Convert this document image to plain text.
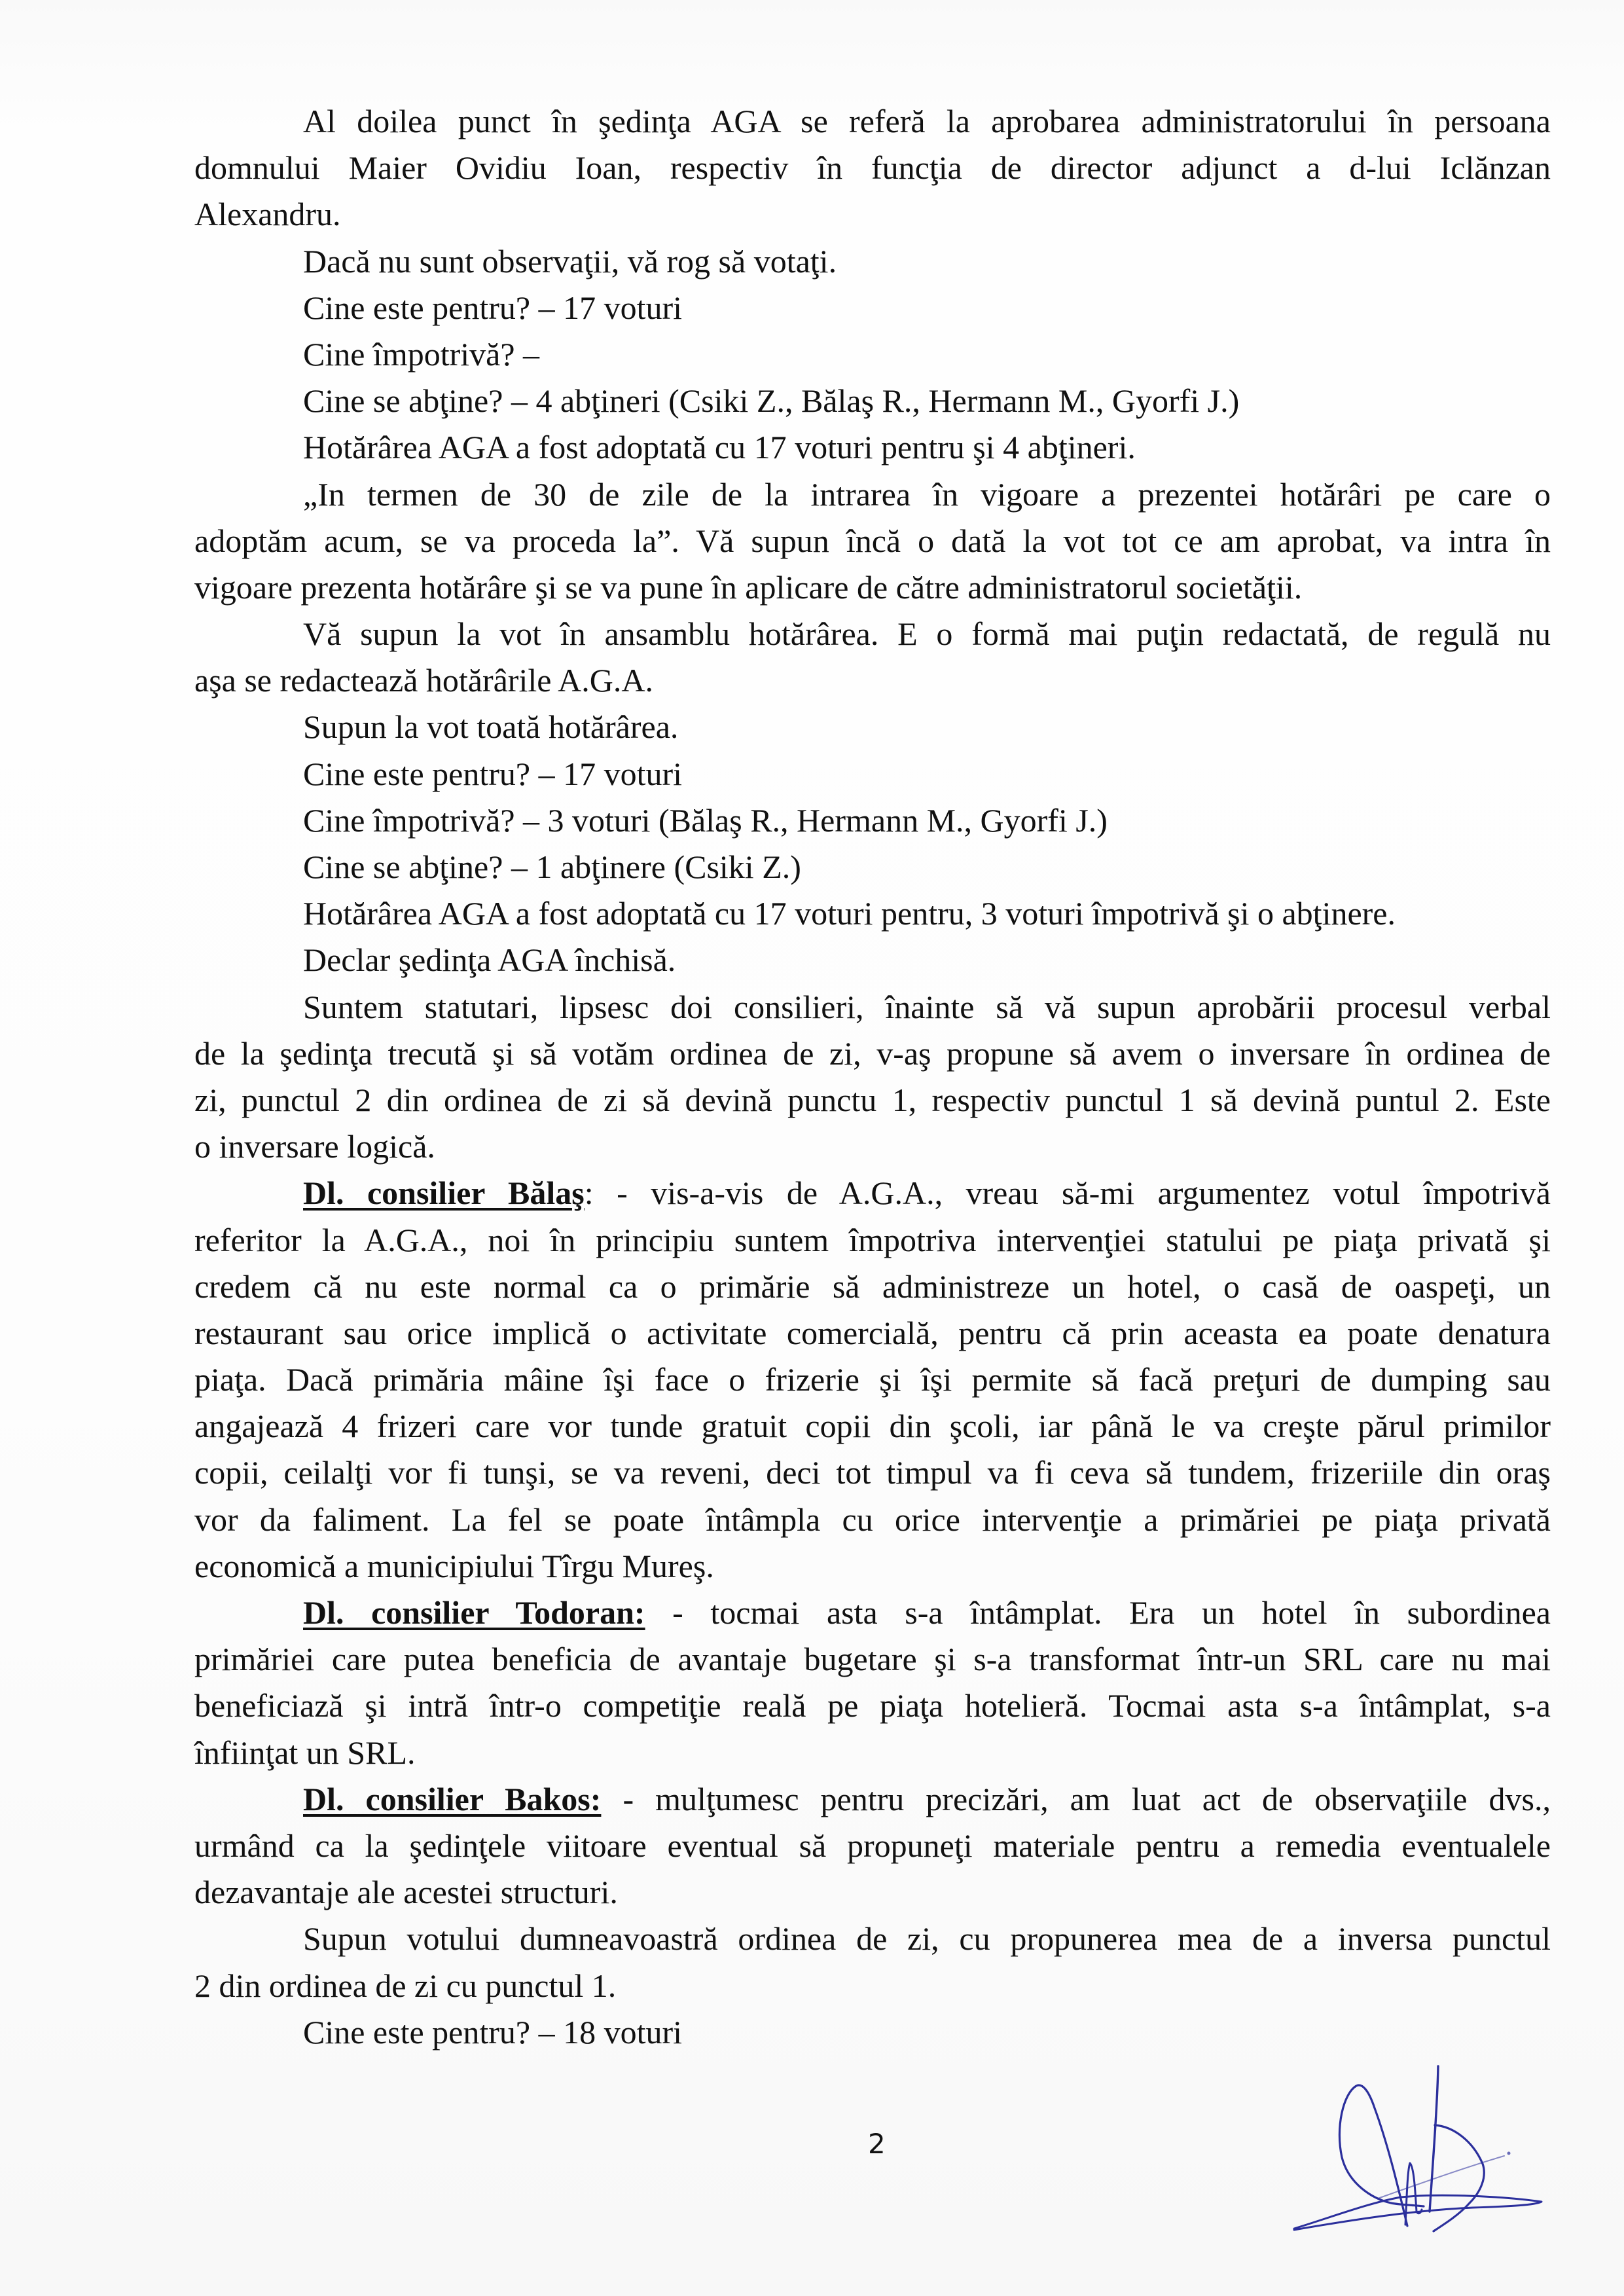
Al doilea punct în şedinţa AGA se referă la aprobarea administratorului în persoana
domnului Maier Ovidiu Ioan, respectiv în funcţia de director adjunct a d-lui Iclănzan
Alexandru.
Dacă nu sunt observaţii, vă rog să votaţi.
Cine este pentru? – 17 voturi
Cine împotrivă? –
Cine se abţine? – 4 abţineri (Csiki Z., Bălaş R., Hermann M., Gyorfi J.)
Hotărârea AGA a fost adoptată cu 17 voturi pentru şi 4 abţineri.
„In termen de 30 de zile de la intrarea în vigoare a prezentei hotărâri pe care o
adoptăm acum, se va proceda la”. Vă supun încă o dată la vot tot ce am aprobat, va intra în
vigoare prezenta hotărâre şi se va pune în aplicare de către administratorul societăţii.
Vă supun la vot în ansamblu hotărârea. E o formă mai puţin redactată, de regulă nu
aşa se redactează hotărârile A.G.A.
Supun la vot toată hotărârea.
Cine este pentru? – 17 voturi
Cine împotrivă? – 3 voturi (Bălaş R., Hermann M., Gyorfi J.)
Cine se abţine? – 1 abţinere (Csiki Z.)
Hotărârea AGA a fost adoptată cu 17 voturi pentru, 3 voturi împotrivă şi o abţinere.
Declar şedinţa AGA închisă.
Suntem statutari, lipsesc doi consilieri, înainte să vă supun aprobării procesul verbal
de la şedinţa trecută şi să votăm ordinea de zi, v-aş propune să avem o inversare în ordinea de
zi, punctul 2 din ordinea de zi să devină punctu 1, respectiv punctul 1 să devină puntul 2. Este
o inversare logică.
Dl. consilier Bălaş: - vis-a-vis de A.G.A., vreau să-mi argumentez votul împotrivă
referitor la A.G.A., noi în principiu suntem împotriva intervenţiei statului pe piaţa privată şi
credem că nu este normal ca o primărie să administreze un hotel, o casă de oaspeţi, un
restaurant sau orice implică o activitate comercială, pentru că prin aceasta ea poate denatura
piaţa. Dacă primăria mâine îşi face o frizerie şi îşi permite să facă preţuri de dumping sau
angajează 4 frizeri care vor tunde gratuit copii din şcoli, iar până le va creşte părul primilor
copii, ceilalţi vor fi tunşi, se va reveni, deci tot timpul va fi ceva să tundem, frizeriile din oraş
vor da faliment. La fel se poate întâmpla cu orice intervenţie a primăriei pe piaţa privată
economică a municipiului Tîrgu Mureş.
Dl. consilier Todoran: - tocmai asta s-a întâmplat. Era un hotel în subordinea
primăriei care putea beneficia de avantaje bugetare şi s-a transformat într-un SRL care nu mai
beneficiază şi intră într-o competiţie reală pe piaţa hotelieră. Tocmai asta s-a întâmplat, s-a
înfiinţat un SRL.
Dl. consilier Bakos: - mulţumesc pentru precizări, am luat act de observaţiile dvs.,
urmând ca la şedinţele viitoare eventual să propuneţi materiale pentru a remedia eventualele
dezavantaje ale acestei structuri.
Supun votului dumneavoastră ordinea de zi, cu propunerea mea de a inversa punctul
2 din ordinea de zi cu punctul 1.
Cine este pentru? – 18 voturi
2
